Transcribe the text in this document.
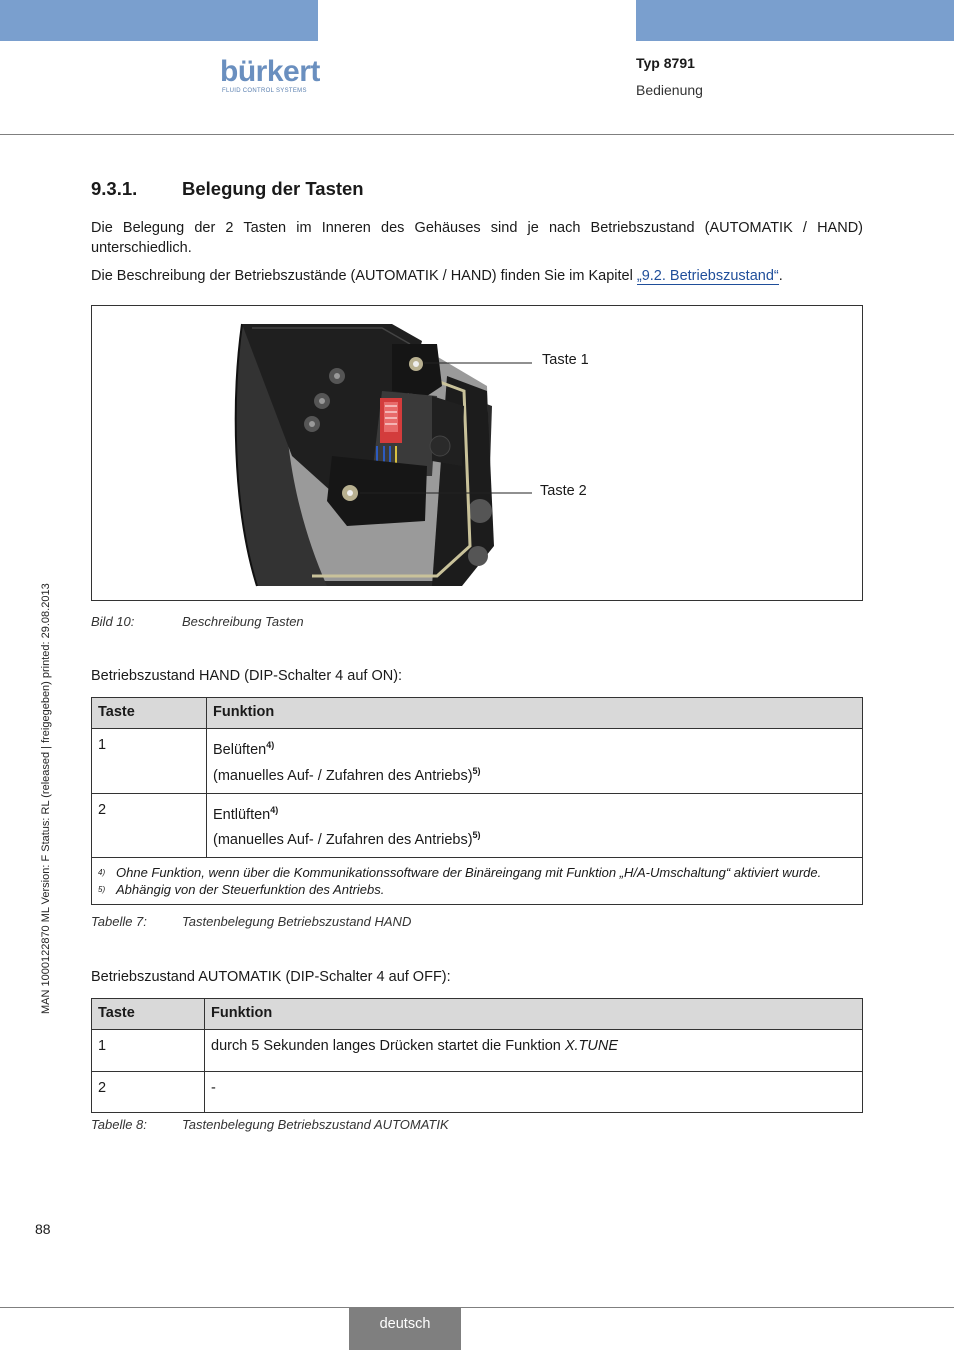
bürkert
FLUID CONTROL SYSTEMS
Typ 8791
Bedienung
MAN 1000122870 ML Version: F Status: RL (released | freigegeben) printed: 29.08.2013
9.3.1. Belegung der Tasten
Die Belegung der 2 Tasten im Inneren des Gehäuses sind je nach Betriebszustand (AUTOMATIK / HAND) unterschiedlich.
Die Beschreibung der Betriebszustände (AUTOMATIK / HAND) finden Sie im Kapitel „9.2. Betriebszustand“.
Taste 1
Taste 2
Bild 10:	Beschreibung Tasten
Betriebszustand HAND (DIP-Schalter 4 auf ON):
Taste	Funktion
1	Belüften$^{4)}$
(manuelles Auf- / Zufahren des Antriebs)$^{5)}$
2	Entlüften$^{4)}$
(manuelles Auf- / Zufahren des Antriebs)$^{5)}$

4) Ohne Funktion, wenn über die Kommunikationssoftware der Binäreingang mit Funktion „H/A-Umschaltung“ aktiviert wurde.
5) Abhängig von der Steuerfunktion des Antriebs.	
Tabelle 7:	Tastenbelegung Betriebszustand HAND
Betriebszustand AUTOMATIK (DIP-Schalter 4 auf OFF):
Taste	Funktion
1	durch 5 Sekunden langes Drücken startet die Funktion X.TUNE
2	-
Tabelle 8:	Tastenbelegung Betriebszustand AUTOMATIK
88
deutsch
